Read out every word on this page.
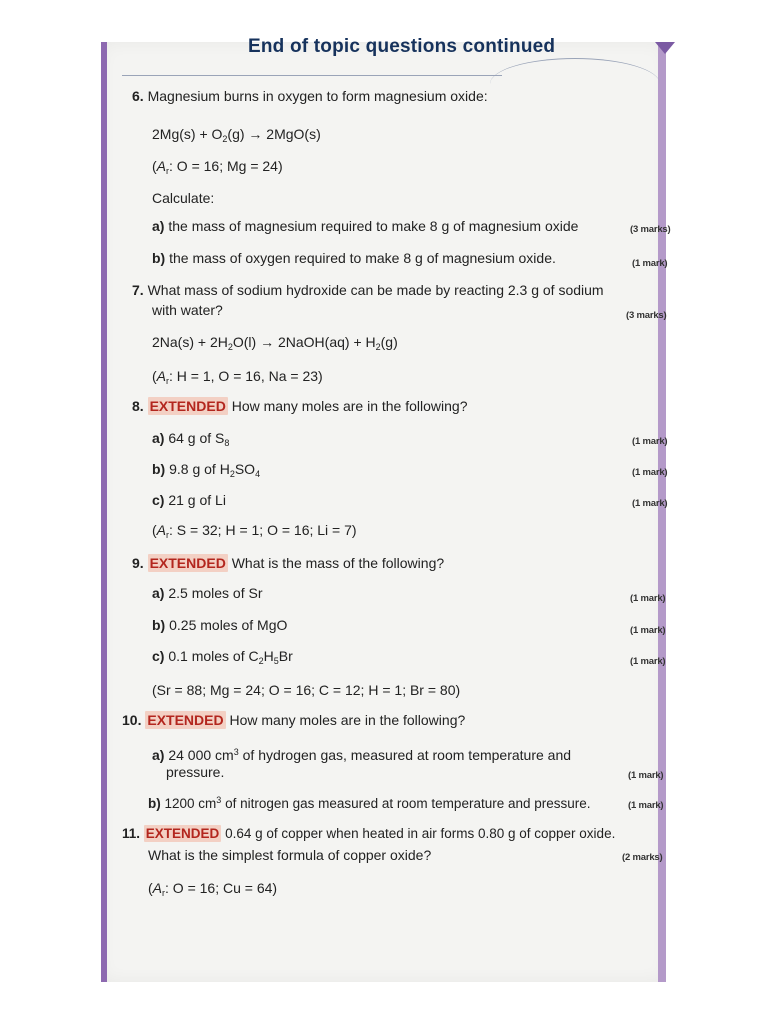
End of topic questions continued
6. Magnesium burns in oxygen to form magnesium oxide:
$2Mg(s) + O_2(g) \to 2MgO(s)$
($A_r$: O = 16; Mg = 24)
Calculate:
a) the mass of magnesium required to make 8 g of magnesium oxide	(3 marks)
b) the mass of oxygen required to make 8 g of magnesium oxide.	(1 mark)
7. What mass of sodium hydroxide can be made by reacting 2.3 g of sodium
with water?	(3 marks)
$2Na(s) + 2H_2O(l)$ → 2NaOH(aq) + $H_2(g)$
($A_r$: H = 1, O = 16, Na = 23)
8. EXTENDED How many moles are in the following?
a) 64 g of $S_8$	(1 mark)
b) 9.8 g of $H_2SO_4$	(1 mark)
c) 21 g of Li	(1 mark)
($A_r$: S = 32; H = 1; O = 16; Li = 7)
9. EXTENDED What is the mass of the following?
a) 2.5 moles of Sr	(1 mark)
b) 0.25 moles of MgO	(1 mark)
c) 0.1 moles of $C_2H_5Br$	(1 mark)
(Sr = 88; Mg = 24; O = 16; C = 12; H = 1; Br = 80)
10. EXTENDED How many moles are in the following?
a) 24 000 $cm^3$ of hydrogen gas, measured at room temperature and
pressure.	(1 mark)
b) 1200 $cm^3$ of nitrogen gas measured at room temperature and pressure.	(1 mark)
11. EXTENDED 0.64 g of copper when heated in air forms 0.80 g of copper oxide.
What is the simplest formula of copper oxide?	(2 marks)
($A_r$: O = 16; Cu = 64)
